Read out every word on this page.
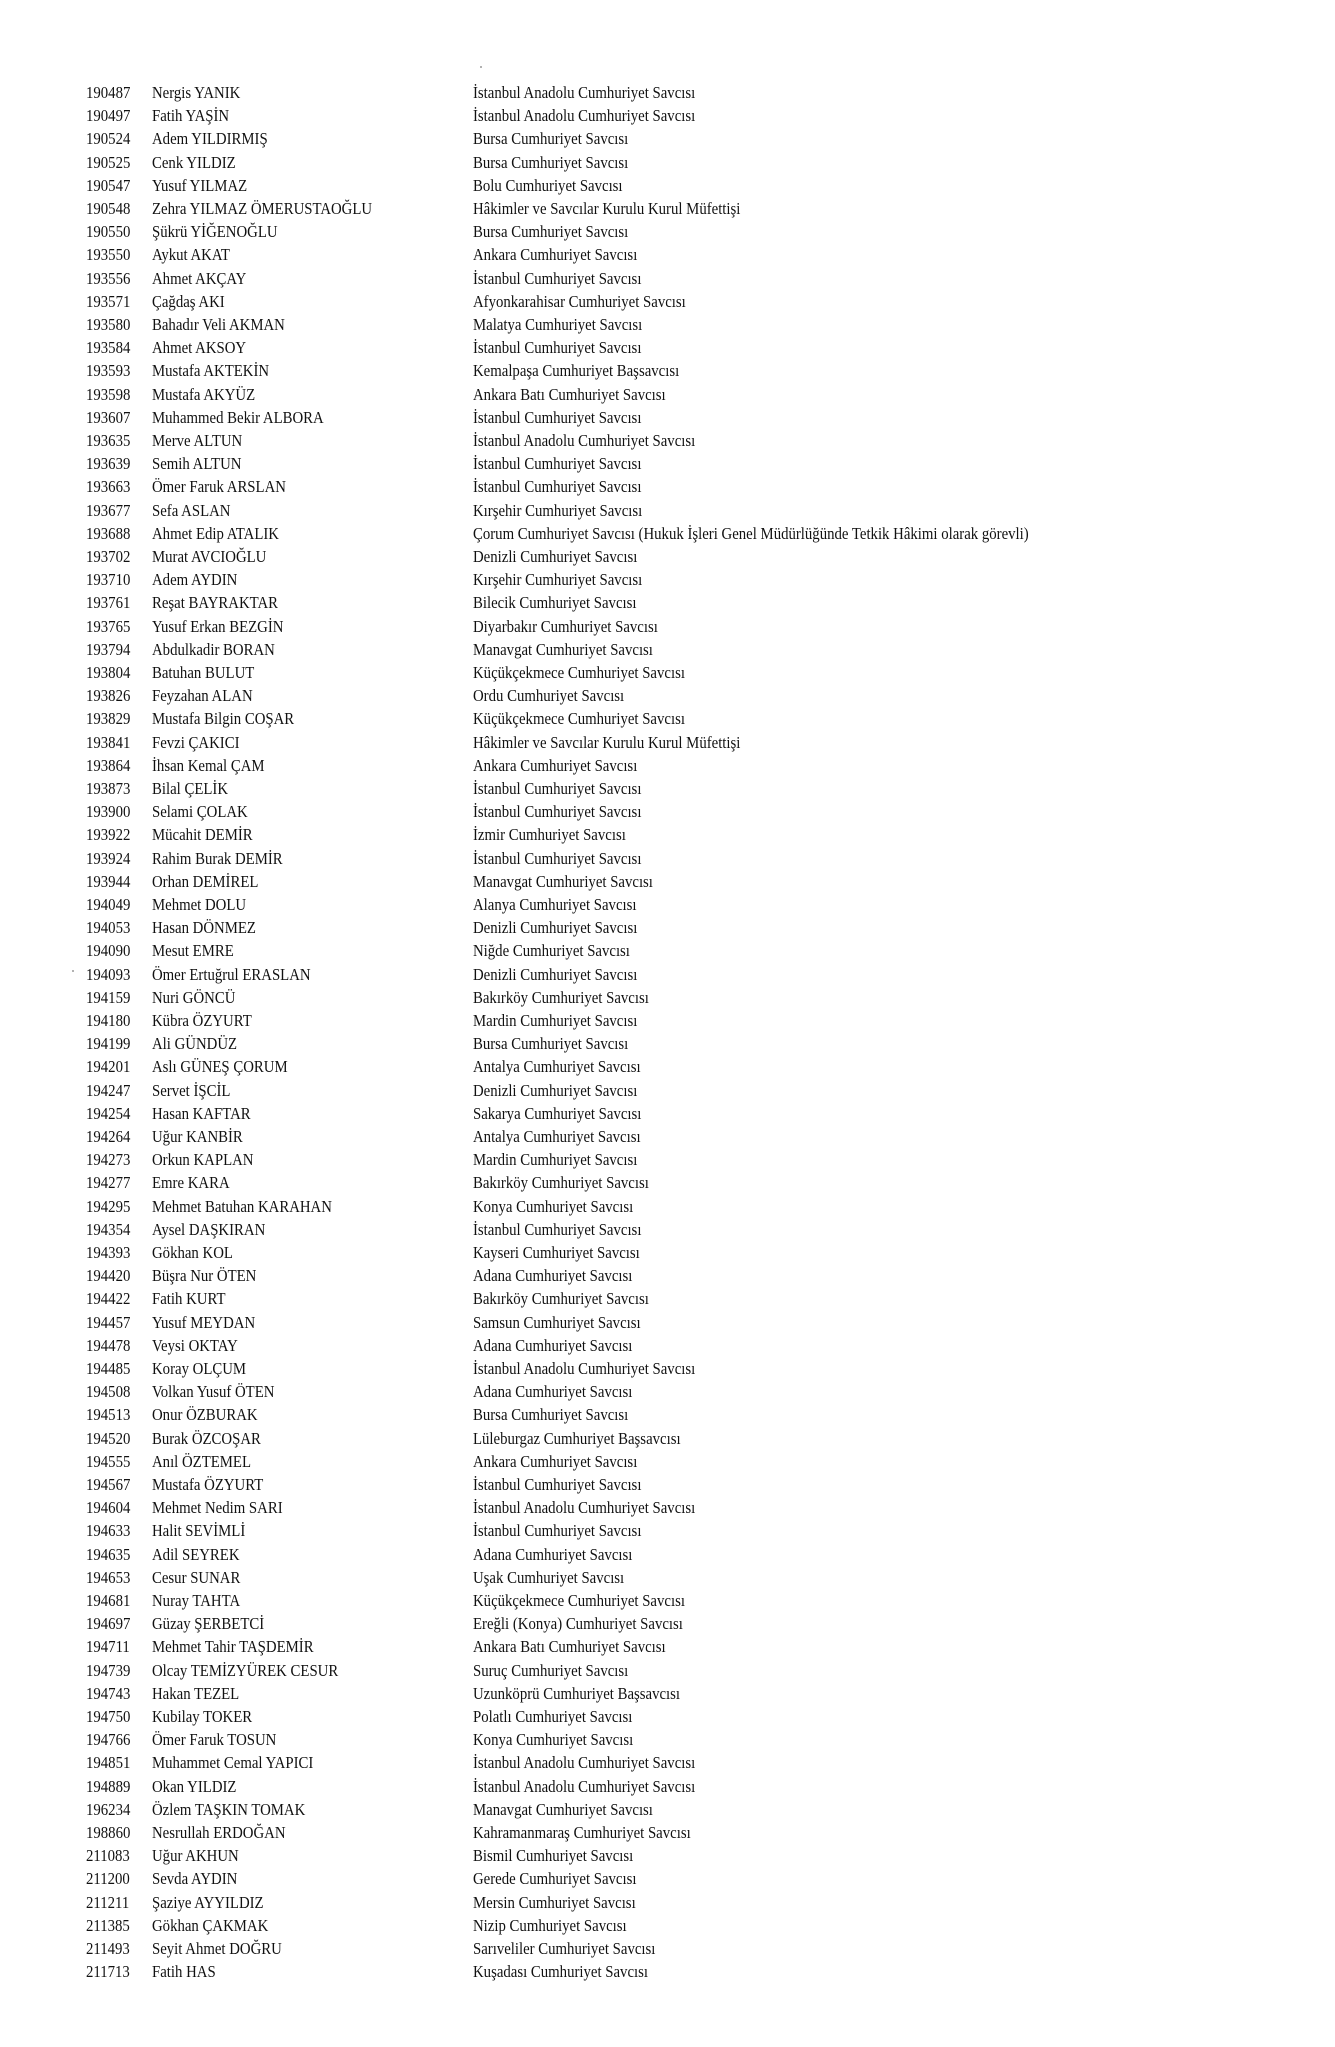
190487 Nergis YANIK	İstanbul Anadolu Cumhuriyet Savcısı
190497 Fatih YAŞİN	İstanbul Anadolu Cumhuriyet Savcısı
190524 Adem YILDIRMIŞ	Bursa Cumhuriyet Savcısı
190525 Cenk YILDIZ	Bursa Cumhuriyet Savcısı
190547 Yusuf YILMAZ	Bolu Cumhuriyet Savcısı
190548 Zehra YILMAZ ÖMERUSTAOĞLU	Hâkimler ve Savcılar Kurulu Kurul Müfettişi
190550 Şükrü YİĞENOĞLU	Bursa Cumhuriyet Savcısı
193550 Aykut AKAT	Ankara Cumhuriyet Savcısı
193556 Ahmet AKÇAY	İstanbul Cumhuriyet Savcısı
193571 Çağdaş AKI	Afyonkarahisar Cumhuriyet Savcısı
193580 Bahadır Veli AKMAN	Malatya Cumhuriyet Savcısı
193584 Ahmet AKSOY	İstanbul Cumhuriyet Savcısı
193593 Mustafa AKTEKİN	Kemalpaşa Cumhuriyet Başsavcısı
193598 Mustafa AKYÜZ	Ankara Batı Cumhuriyet Savcısı
193607 Muhammed Bekir ALBORA	İstanbul Cumhuriyet Savcısı
193635 Merve ALTUN	İstanbul Anadolu Cumhuriyet Savcısı
193639 Semih ALTUN	İstanbul Cumhuriyet Savcısı
193663 Ömer Faruk ARSLAN	İstanbul Cumhuriyet Savcısı
193677 Sefa ASLAN	Kırşehir Cumhuriyet Savcısı
193688 Ahmet Edip ATALIK	Çorum Cumhuriyet Savcısı (Hukuk İşleri Genel Müdürlüğünde Tetkik Hâkimi olarak görevli)
193702 Murat AVCIOĞLU	Denizli Cumhuriyet Savcısı
193710 Adem AYDIN	Kırşehir Cumhuriyet Savcısı
193761 Reşat BAYRAKTAR	Bilecik Cumhuriyet Savcısı
193765 Yusuf Erkan BEZGİN	Diyarbakır Cumhuriyet Savcısı
193794 Abdulkadir BORAN	Manavgat Cumhuriyet Savcısı
193804 Batuhan BULUT	Küçükçekmece Cumhuriyet Savcısı
193826 Feyzahan ALAN	Ordu Cumhuriyet Savcısı
193829 Mustafa Bilgin COŞAR	Küçükçekmece Cumhuriyet Savcısı
193841 Fevzi ÇAKICI	Hâkimler ve Savcılar Kurulu Kurul Müfettişi
193864 İhsan Kemal ÇAM	Ankara Cumhuriyet Savcısı
193873 Bilal ÇELİK	İstanbul Cumhuriyet Savcısı
193900 Selami ÇOLAK	İstanbul Cumhuriyet Savcısı
193922 Mücahit DEMİR	İzmir Cumhuriyet Savcısı
193924 Rahim Burak DEMİR	İstanbul Cumhuriyet Savcısı
193944 Orhan DEMİREL	Manavgat Cumhuriyet Savcısı
194049 Mehmet DOLU	Alanya Cumhuriyet Savcısı
194053 Hasan DÖNMEZ	Denizli Cumhuriyet Savcısı
194090 Mesut EMRE	Niğde Cumhuriyet Savcısı
194093 Ömer Ertuğrul ERASLAN	Denizli Cumhuriyet Savcısı
194159 Nuri GÖNCÜ	Bakırköy Cumhuriyet Savcısı
194180 Kübra ÖZYURT	Mardin Cumhuriyet Savcısı
194199 Ali GÜNDÜZ	Bursa Cumhuriyet Savcısı
194201 Aslı GÜNEŞ ÇORUM	Antalya Cumhuriyet Savcısı
194247 Servet İŞCİL	Denizli Cumhuriyet Savcısı
194254 Hasan KAFTAR	Sakarya Cumhuriyet Savcısı
194264 Uğur KANBİR	Antalya Cumhuriyet Savcısı
194273 Orkun KAPLAN	Mardin Cumhuriyet Savcısı
194277 Emre KARA	Bakırköy Cumhuriyet Savcısı
194295 Mehmet Batuhan KARAHAN	Konya Cumhuriyet Savcısı
194354 Aysel DAŞKIRAN	İstanbul Cumhuriyet Savcısı
194393 Gökhan KOL	Kayseri Cumhuriyet Savcısı
194420 Büşra Nur ÖTEN	Adana Cumhuriyet Savcısı
194422 Fatih KURT	Bakırköy Cumhuriyet Savcısı
194457 Yusuf MEYDAN	Samsun Cumhuriyet Savcısı
194478 Veysi OKTAY	Adana Cumhuriyet Savcısı
194485 Koray OLÇUM	İstanbul Anadolu Cumhuriyet Savcısı
194508 Volkan Yusuf ÖTEN	Adana Cumhuriyet Savcısı
194513 Onur ÖZBURAK	Bursa Cumhuriyet Savcısı
194520 Burak ÖZCOŞAR	Lüleburgaz Cumhuriyet Başsavcısı
194555 Anıl ÖZTEMEL	Ankara Cumhuriyet Savcısı
194567 Mustafa ÖZYURT	İstanbul Cumhuriyet Savcısı
194604 Mehmet Nedim SARI	İstanbul Anadolu Cumhuriyet Savcısı
194633 Halit SEVİMLİ	İstanbul Cumhuriyet Savcısı
194635 Adil SEYREK	Adana Cumhuriyet Savcısı
194653 Cesur SUNAR	Uşak Cumhuriyet Savcısı
194681 Nuray TAHTA	Küçükçekmece Cumhuriyet Savcısı
194697 Güzay ŞERBETCİ	Ereğli (Konya) Cumhuriyet Savcısı
194711 Mehmet Tahir TAŞDEMİR	Ankara Batı Cumhuriyet Savcısı
194739 Olcay TEMİZYÜREK CESUR	Suruç Cumhuriyet Savcısı
194743 Hakan TEZEL	Uzunköprü Cumhuriyet Başsavcısı
194750 Kubilay TOKER	Polatlı Cumhuriyet Savcısı
194766 Ömer Faruk TOSUN	Konya Cumhuriyet Savcısı
194851 Muhammet Cemal YAPICI	İstanbul Anadolu Cumhuriyet Savcısı
194889 Okan YILDIZ	İstanbul Anadolu Cumhuriyet Savcısı
196234 Özlem TAŞKIN TOMAK	Manavgat Cumhuriyet Savcısı
198860 Nesrullah ERDOĞAN	Kahramanmaraş Cumhuriyet Savcısı
211083 Uğur AKHUN	Bismil Cumhuriyet Savcısı
211200 Sevda AYDIN	Gerede Cumhuriyet Savcısı
211211 Şaziye AYYILDIZ	Mersin Cumhuriyet Savcısı
211385 Gökhan ÇAKMAK	Nizip Cumhuriyet Savcısı
211493 Seyit Ahmet DOĞRU	Sarıveliler Cumhuriyet Savcısı
211713 Fatih HAS	Kuşadası Cumhuriyet Savcısı
